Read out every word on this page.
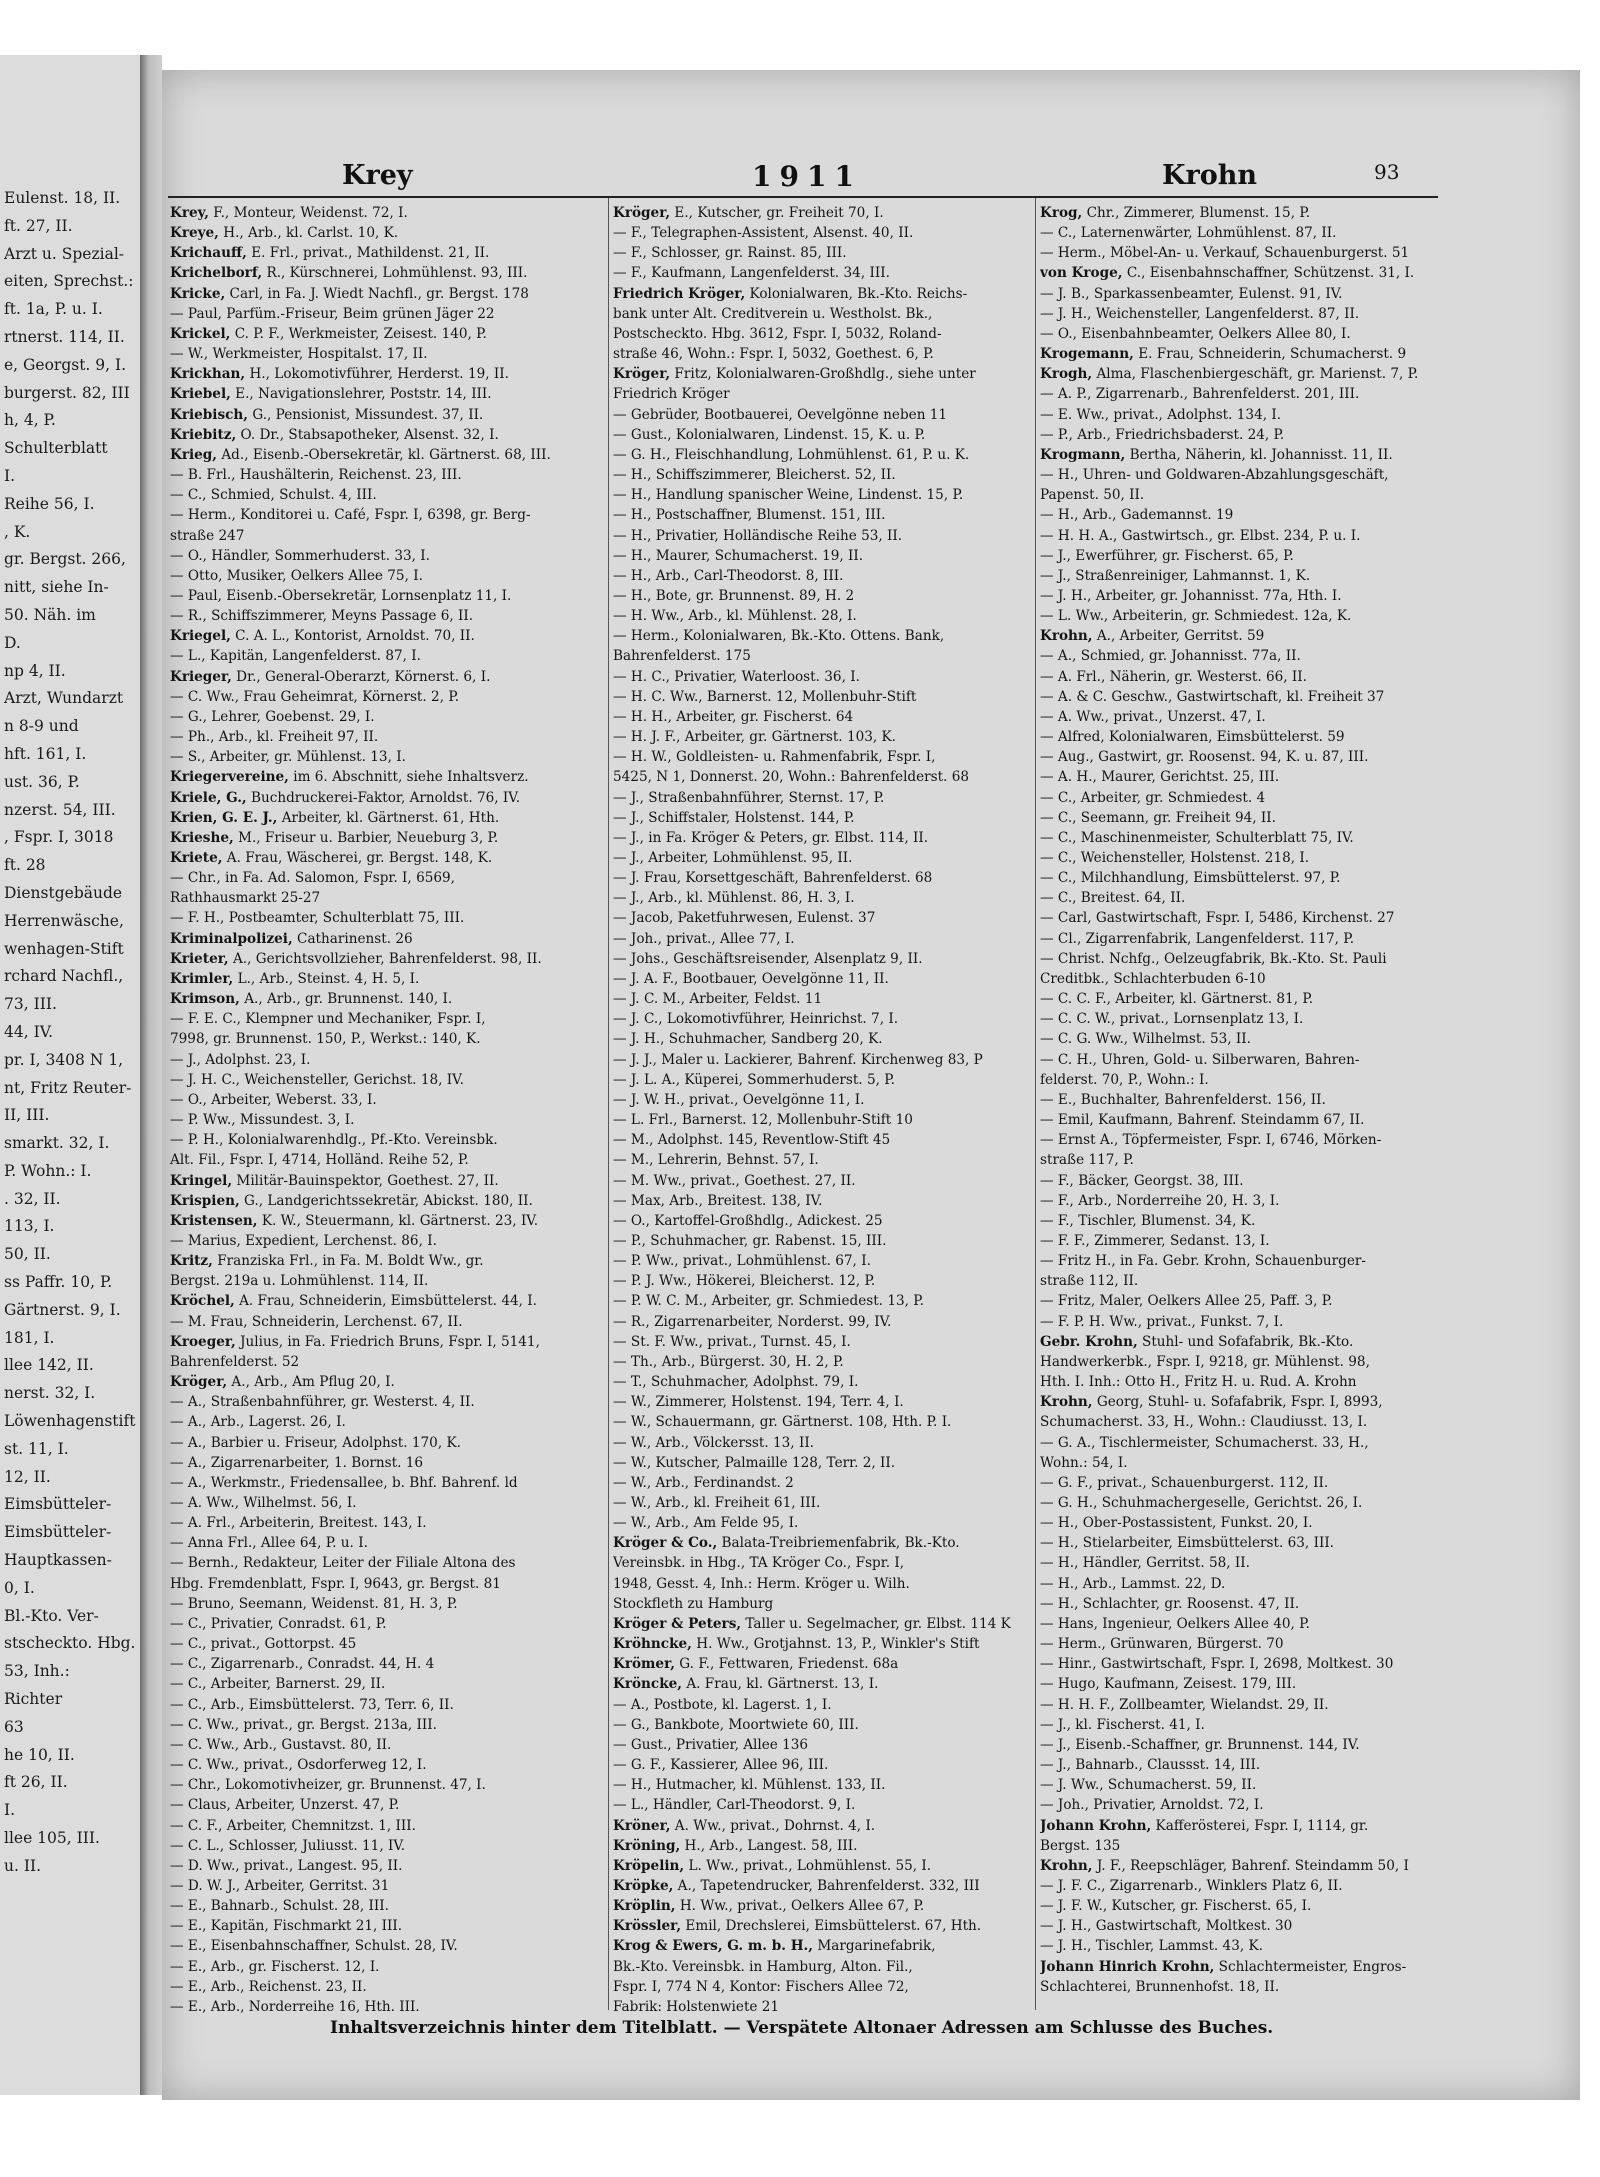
Eulenst. 18, II.
ft. 27, II.
Arzt u. Spezial-
eiten, Sprechst.:
ft. 1a, P. u. I.
rtnerst. 114, II.
e, Georgst. 9, I.
burgerst. 82, III
h, 4, P.
Schulterblatt
I.
Reihe 56, I.
, K.
gr. Bergst. 266,
nitt, siehe In-
50. Näh. im
D.
np 4, II.
Arzt, Wundarzt
n 8-9 und
hft. 161, I.
ust. 36, P.
nzerst. 54, III.
, Fspr. I, 3018
ft. 28
Dienstgebäude
Herrenwäsche,
wenhagen-Stift
rchard Nachfl.,
73, III.
44, IV.
pr. I, 3408 N 1,
nt, Fritz Reuter-
II, III.
smarkt. 32, I.
P. Wohn.: I.
. 32, II.
113, I.
50, II.
ss Paffr. 10, P.
Gärtnerst. 9, I.
181, I.
llee 142, II.
nerst. 32, I.
Löwenhagenstift
st. 11, I.
12, II.
Eimsbütteler-
Eimsbütteler-
Hauptkassen-
0, I.
Bl.-Kto. Ver-
stscheckto. Hbg.
53, Inh.:
Richter
63
he 10, II.
ft 26, II.
I.
llee 105, III.
u. II.
Krey	1911	Krohn	93
Krey, F., Monteur, Weidenst. 72, I.
Kreye, H., Arb., kl. Carlst. 10, K.
Krichauff, E. Frl., privat., Mathildenst. 21, II.
Krichelborf, R., Kürschnerei, Lohmühlenst. 93, III.
Kricke, Carl, in Fa. J. Wiedt Nachfl., gr. Bergst. 178
— Paul, Parfüm.-Friseur, Beim grünen Jäger 22
Krickel, C. P. F., Werkmeister, Zeisest. 140, P.
— W., Werkmeister, Hospitalst. 17, II.
Krickhan, H., Lokomotivführer, Herderst. 19, II.
Kriebel, E., Navigationslehrer, Poststr. 14, III.
Kriebisch, G., Pensionist, Missundest. 37, II.
Kriebitz, O. Dr., Stabsapotheker, Alsenst. 32, I.
Krieg, Ad., Eisenb.-Obersekretär, kl. Gärtnerst. 68, III.
— B. Frl., Haushälterin, Reichenst. 23, III.
— C., Schmied, Schulst. 4, III.
— Herm., Konditorei u. Café, Fspr. I, 6398, gr. Berg-
straße 247
— O., Händler, Sommerhuderst. 33, I.
— Otto, Musiker, Oelkers Allee 75, I.
— Paul, Eisenb.-Obersekretär, Lornsenplatz 11, I.
— R., Schiffszimmerer, Meyns Passage 6, II.
Kriegel, C. A. L., Kontorist, Arnoldst. 70, II.
— L., Kapitän, Langenfelderst. 87, I.
Krieger, Dr., General-Oberarzt, Körnerst. 6, I.
— C. Ww., Frau Geheimrat, Körnerst. 2, P.
— G., Lehrer, Goebenst. 29, I.
— Ph., Arb., kl. Freiheit 97, II.
— S., Arbeiter, gr. Mühlenst. 13, I.
Kriegervereine, im 6. Abschnitt, siehe Inhaltsverz.
Kriele, G., Buchdruckerei-Faktor, Arnoldst. 76, IV.
Krien, G. E. J., Arbeiter, kl. Gärtnerst. 61, Hth.
Krieshe, M., Friseur u. Barbier, Neueburg 3, P.
Kriete, A. Frau, Wäscherei, gr. Bergst. 148, K.
— Chr., in Fa. Ad. Salomon, Fspr. I, 6569,
Rathhausmarkt 25-27
— F. H., Postbeamter, Schulterblatt 75, III.
Kriminalpolizei, Catharinenst. 26
Krieter, A., Gerichtsvollzieher, Bahrenfelderst. 98, II.
Krimler, L., Arb., Steinst. 4, H. 5, I.
Krimson, A., Arb., gr. Brunnenst. 140, I.
— F. E. C., Klempner und Mechaniker, Fspr. I,
7998, gr. Brunnenst. 150, P., Werkst.: 140, K.
— J., Adolphst. 23, I.
— J. H. C., Weichensteller, Gerichst. 18, IV.
— O., Arbeiter, Weberst. 33, I.
— P. Ww., Missundest. 3, I.
— P. H., Kolonialwarenhdlg., Pf.-Kto. Vereinsbk.
Alt. Fil., Fspr. I, 4714, Holländ. Reihe 52, P.
Kringel, Militär-Bauinspektor, Goethest. 27, II.
Krispien, G., Landgerichtssekretär, Abickst. 180, II.
Kristensen, K. W., Steuermann, kl. Gärtnerst. 23, IV.
— Marius, Expedient, Lerchenst. 86, I.
Kritz, Franziska Frl., in Fa. M. Boldt Ww., gr.
Bergst. 219a u. Lohmühlenst. 114, II.
Kröchel, A. Frau, Schneiderin, Eimsbüttelerst. 44, I.
— M. Frau, Schneiderin, Lerchenst. 67, II.
Kroeger, Julius, in Fa. Friedrich Bruns, Fspr. I, 5141,
Bahrenfelderst. 52
Kröger, A., Arb., Am Pflug 20, I.
— A., Straßenbahnführer, gr. Westerst. 4, II.
— A., Arb., Lagerst. 26, I.
— A., Barbier u. Friseur, Adolphst. 170, K.
— A., Zigarrenarbeiter, 1. Bornst. 16
— A., Werkmstr., Friedensallee, b. Bhf. Bahrenf. ld
— A. Ww., Wilhelmst. 56, I.
— A. Frl., Arbeiterin, Breitest. 143, I.
— Anna Frl., Allee 64, P. u. I.
— Bernh., Redakteur, Leiter der Filiale Altona des
Hbg. Fremdenblatt, Fspr. I, 9643, gr. Bergst. 81
— Bruno, Seemann, Weidenst. 81, H. 3, P.
— C., Privatier, Conradst. 61, P.
— C., privat., Gottorpst. 45
— C., Zigarrenarb., Conradst. 44, H. 4
— C., Arbeiter, Barnerst. 29, II.
— C., Arb., Eimsbüttelerst. 73, Terr. 6, II.
— C. Ww., privat., gr. Bergst. 213a, III.
— C. Ww., Arb., Gustavst. 80, II.
— C. Ww., privat., Osdorferweg 12, I.
— Chr., Lokomotivheizer, gr. Brunnenst. 47, I.
— Claus, Arbeiter, Unzerst. 47, P.
— C. F., Arbeiter, Chemnitzst. 1, III.
— C. L., Schlosser, Juliusst. 11, IV.
— D. Ww., privat., Langest. 95, II.
— D. W. J., Arbeiter, Gerritst. 31
— E., Bahnarb., Schulst. 28, III.
— E., Kapitän, Fischmarkt 21, III.
— E., Eisenbahnschaffner, Schulst. 28, IV.
— E., Arb., gr. Fischerst. 12, I.
— E., Arb., Reichenst. 23, II.
— E., Arb., Norderreihe 16, Hth. III.
Kröger, E., Kutscher, gr. Freiheit 70, I.
— F., Telegraphen-Assistent, Alsenst. 40, II.
— F., Schlosser, gr. Rainst. 85, III.
— F., Kaufmann, Langenfelderst. 34, III.
Friedrich Kröger, Kolonialwaren, Bk.-Kto. Reichs-
bank unter Alt. Creditverein u. Westholst. Bk.,
Postscheckto. Hbg. 3612, Fspr. I, 5032, Roland-
straße 46, Wohn.: Fspr. I, 5032, Goethest. 6, P.
Kröger, Fritz, Kolonialwaren-Großhdlg., siehe unter
Friedrich Kröger
— Gebrüder, Bootbauerei, Oevelgönne neben 11
— Gust., Kolonialwaren, Lindenst. 15, K. u. P.
— G. H., Fleischhandlung, Lohmühlenst. 61, P. u. K.
— H., Schiffszimmerer, Bleicherst. 52, II.
— H., Handlung spanischer Weine, Lindenst. 15, P.
— H., Postschaffner, Blumenst. 151, III.
— H., Privatier, Holländische Reihe 53, II.
— H., Maurer, Schumacherst. 19, II.
— H., Arb., Carl-Theodorst. 8, III.
— H., Bote, gr. Brunnenst. 89, H. 2
— H. Ww., Arb., kl. Mühlenst. 28, I.
— Herm., Kolonialwaren, Bk.-Kto. Ottens. Bank,
Bahrenfelderst. 175
— H. C., Privatier, Waterloost. 36, I.
— H. C. Ww., Barnerst. 12, Mollenbuhr-Stift
— H. H., Arbeiter, gr. Fischerst. 64
— H. J. F., Arbeiter, gr. Gärtnerst. 103, K.
— H. W., Goldleisten- u. Rahmenfabrik, Fspr. I,
5425, N 1, Donnerst. 20, Wohn.: Bahrenfelderst. 68
— J., Straßenbahnführer, Sternst. 17, P.
— J., Schiffstaler, Holstenst. 144, P.
— J., in Fa. Kröger & Peters, gr. Elbst. 114, II.
— J., Arbeiter, Lohmühlenst. 95, II.
— J. Frau, Korsettgeschäft, Bahrenfelderst. 68
— J., Arb., kl. Mühlenst. 86, H. 3, I.
— Jacob, Paketfuhrwesen, Eulenst. 37
— Joh., privat., Allee 77, I.
— Johs., Geschäftsreisender, Alsenplatz 9, II.
— J. A. F., Bootbauer, Oevelgönne 11, II.
— J. C. M., Arbeiter, Feldst. 11
— J. C., Lokomotivführer, Heinrichst. 7, I.
— J. H., Schuhmacher, Sandberg 20, K.
— J. J., Maler u. Lackierer, Bahrenf. Kirchenweg 83, P
— J. L. A., Küperei, Sommerhuderst. 5, P.
— J. W. H., privat., Oevelgönne 11, I.
— L. Frl., Barnerst. 12, Mollenbuhr-Stift 10
— M., Adolphst. 145, Reventlow-Stift 45
— M., Lehrerin, Behnst. 57, I.
— M. Ww., privat., Goethest. 27, II.
— Max, Arb., Breitest. 138, IV.
— O., Kartoffel-Großhdlg., Adickest. 25
— P., Schuhmacher, gr. Rabenst. 15, III.
— P. Ww., privat., Lohmühlenst. 67, I.
— P. J. Ww., Hökerei, Bleicherst. 12, P.
— P. W. C. M., Arbeiter, gr. Schmiedest. 13, P.
— R., Zigarrenarbeiter, Norderst. 99, IV.
— St. F. Ww., privat., Turnst. 45, I.
— Th., Arb., Bürgerst. 30, H. 2, P.
— T., Schuhmacher, Adolphst. 79, I.
— W., Zimmerer, Holstenst. 194, Terr. 4, I.
— W., Schauermann, gr. Gärtnerst. 108, Hth. P. I.
— W., Arb., Völckersst. 13, II.
— W., Kutscher, Palmaille 128, Terr. 2, II.
— W., Arb., Ferdinandst. 2
— W., Arb., kl. Freiheit 61, III.
— W., Arb., Am Felde 95, I.
Kröger & Co., Balata-Treibriemenfabrik, Bk.-Kto.
Vereinsbk. in Hbg., TA Kröger Co., Fspr. I,
1948, Gesst. 4, Inh.: Herm. Kröger u. Wilh.
Stockfleth zu Hamburg
Kröger & Peters, Taller u. Segelmacher, gr. Elbst. 114 K
Kröhncke, H. Ww., Grotjahnst. 13, P., Winkler's Stift
Krömer, G. F., Fettwaren, Friedenst. 68a
Kröncke, A. Frau, kl. Gärtnerst. 13, I.
— A., Postbote, kl. Lagerst. 1, I.
— G., Bankbote, Moortwiete 60, III.
— Gust., Privatier, Allee 136
— G. F., Kassierer, Allee 96, III.
— H., Hutmacher, kl. Mühlenst. 133, II.
— L., Händler, Carl-Theodorst. 9, I.
Kröner, A. Ww., privat., Dohrnst. 4, I.
Kröning, H., Arb., Langest. 58, III.
Kröpelin, L. Ww., privat., Lohmühlenst. 55, I.
Kröpke, A., Tapetendrucker, Bahrenfelderst. 332, III
Kröplin, H. Ww., privat., Oelkers Allee 67, P.
Krössler, Emil, Drechslerei, Eimsbüttelerst. 67, Hth.
Krog & Ewers, G. m. b. H., Margarinefabrik,
Bk.-Kto. Vereinsbk. in Hamburg, Alton. Fil.,
Fspr. I, 774 N 4, Kontor: Fischers Allee 72,
Fabrik: Holstenwiete 21
Krog, Chr., Zimmerer, Blumenst. 15, P.
— C., Laternenwärter, Lohmühlenst. 87, II.
— Herm., Möbel-An- u. Verkauf, Schauenburgerst. 51
von Kroge, C., Eisenbahnschaffner, Schützenst. 31, I.
— J. B., Sparkassenbeamter, Eulenst. 91, IV.
— J. H., Weichensteller, Langenfelderst. 87, II.
— O., Eisenbahnbeamter, Oelkers Allee 80, I.
Krogemann, E. Frau, Schneiderin, Schumacherst. 9
Krogh, Alma, Flaschenbiergeschäft, gr. Marienst. 7, P.
— A. P., Zigarrenarb., Bahrenfelderst. 201, III.
— E. Ww., privat., Adolphst. 134, I.
— P., Arb., Friedrichsbaderst. 24, P.
Krogmann, Bertha, Näherin, kl. Johannisst. 11, II.
— H., Uhren- und Goldwaren-Abzahlungsgeschäft,
Papenst. 50, II.
— H., Arb., Gademannst. 19
— H. H. A., Gastwirtsch., gr. Elbst. 234, P. u. I.
— J., Ewerführer, gr. Fischerst. 65, P.
— J., Straßenreiniger, Lahmannst. 1, K.
— J. H., Arbeiter, gr. Johannisst. 77a, Hth. I.
— L. Ww., Arbeiterin, gr. Schmiedest. 12a, K.
Krohn, A., Arbeiter, Gerritst. 59
— A., Schmied, gr. Johannisst. 77a, II.
— A. Frl., Näherin, gr. Westerst. 66, II.
— A. & C. Geschw., Gastwirtschaft, kl. Freiheit 37
— A. Ww., privat., Unzerst. 47, I.
— Alfred, Kolonialwaren, Eimsbüttelerst. 59
— Aug., Gastwirt, gr. Roosenst. 94, K. u. 87, III.
— A. H., Maurer, Gerichtst. 25, III.
— C., Arbeiter, gr. Schmiedest. 4
— C., Seemann, gr. Freiheit 94, II.
— C., Maschinenmeister, Schulterblatt 75, IV.
— C., Weichensteller, Holstenst. 218, I.
— C., Milchhandlung, Eimsbüttelerst. 97, P.
— C., Breitest. 64, II.
— Carl, Gastwirtschaft, Fspr. I, 5486, Kirchenst. 27
— Cl., Zigarrenfabrik, Langenfelderst. 117, P.
— Christ. Nchfg., Oelzeugfabrik, Bk.-Kto. St. Pauli
Creditbk., Schlachterbuden 6-10
— C. C. F., Arbeiter, kl. Gärtnerst. 81, P.
— C. C. W., privat., Lornsenplatz 13, I.
— C. G. Ww., Wilhelmst. 53, II.
— C. H., Uhren, Gold- u. Silberwaren, Bahren-
felderst. 70, P., Wohn.: I.
— E., Buchhalter, Bahrenfelderst. 156, II.
— Emil, Kaufmann, Bahrenf. Steindamm 67, II.
— Ernst A., Töpfermeister, Fspr. I, 6746, Mörken-
straße 117, P.
— F., Bäcker, Georgst. 38, III.
— F., Arb., Norderreihe 20, H. 3, I.
— F., Tischler, Blumenst. 34, K.
— F. F., Zimmerer, Sedanst. 13, I.
— Fritz H., in Fa. Gebr. Krohn, Schauenburger-
straße 112, II.
— Fritz, Maler, Oelkers Allee 25, Paff. 3, P.
— F. P. H. Ww., privat., Funkst. 7, I.
Gebr. Krohn, Stuhl- und Sofafabrik, Bk.-Kto.
Handwerkerbk., Fspr. I, 9218, gr. Mühlenst. 98,
Hth. I. Inh.: Otto H., Fritz H. u. Rud. A. Krohn
Krohn, Georg, Stuhl- u. Sofafabrik, Fspr. I, 8993,
Schumacherst. 33, H., Wohn.: Claudiusst. 13, I.
— G. A., Tischlermeister, Schumacherst. 33, H.,
Wohn.: 54, I.
— G. F., privat., Schauenburgerst. 112, II.
— G. H., Schuhmachergeselle, Gerichtst. 26, I.
— H., Ober-Postassistent, Funkst. 20, I.
— H., Stielarbeiter, Eimsbüttelerst. 63, III.
— H., Händler, Gerritst. 58, II.
— H., Arb., Lammst. 22, D.
— H., Schlachter, gr. Roosenst. 47, II.
— Hans, Ingenieur, Oelkers Allee 40, P.
— Herm., Grünwaren, Bürgerst. 70
— Hinr., Gastwirtschaft, Fspr. I, 2698, Moltkest. 30
— Hugo, Kaufmann, Zeisest. 179, III.
— H. H. F., Zollbeamter, Wielandst. 29, II.
— J., kl. Fischerst. 41, I.
— J., Eisenb.-Schaffner, gr. Brunnenst. 144, IV.
— J., Bahnarb., Claussst. 14, III.
— J. Ww., Schumacherst. 59, II.
— Joh., Privatier, Arnoldst. 72, I.
Johann Krohn, Kafferösterei, Fspr. I, 1114, gr.
Bergst. 135
Krohn, J. F., Reepschläger, Bahrenf. Steindamm 50, I
— J. F. C., Zigarrenarb., Winklers Platz 6, II.
— J. F. W., Kutscher, gr. Fischerst. 65, I.
— J. H., Gastwirtschaft, Moltkest. 30
— J. H., Tischler, Lammst. 43, K.
Johann Hinrich Krohn, Schlachtermeister, Engros-
Schlachterei, Brunnenhofst. 18, II.
Inhaltsverzeichnis hinter dem Titelblatt. — Verspätete Altonaer Adressen am Schlusse des Buches.
